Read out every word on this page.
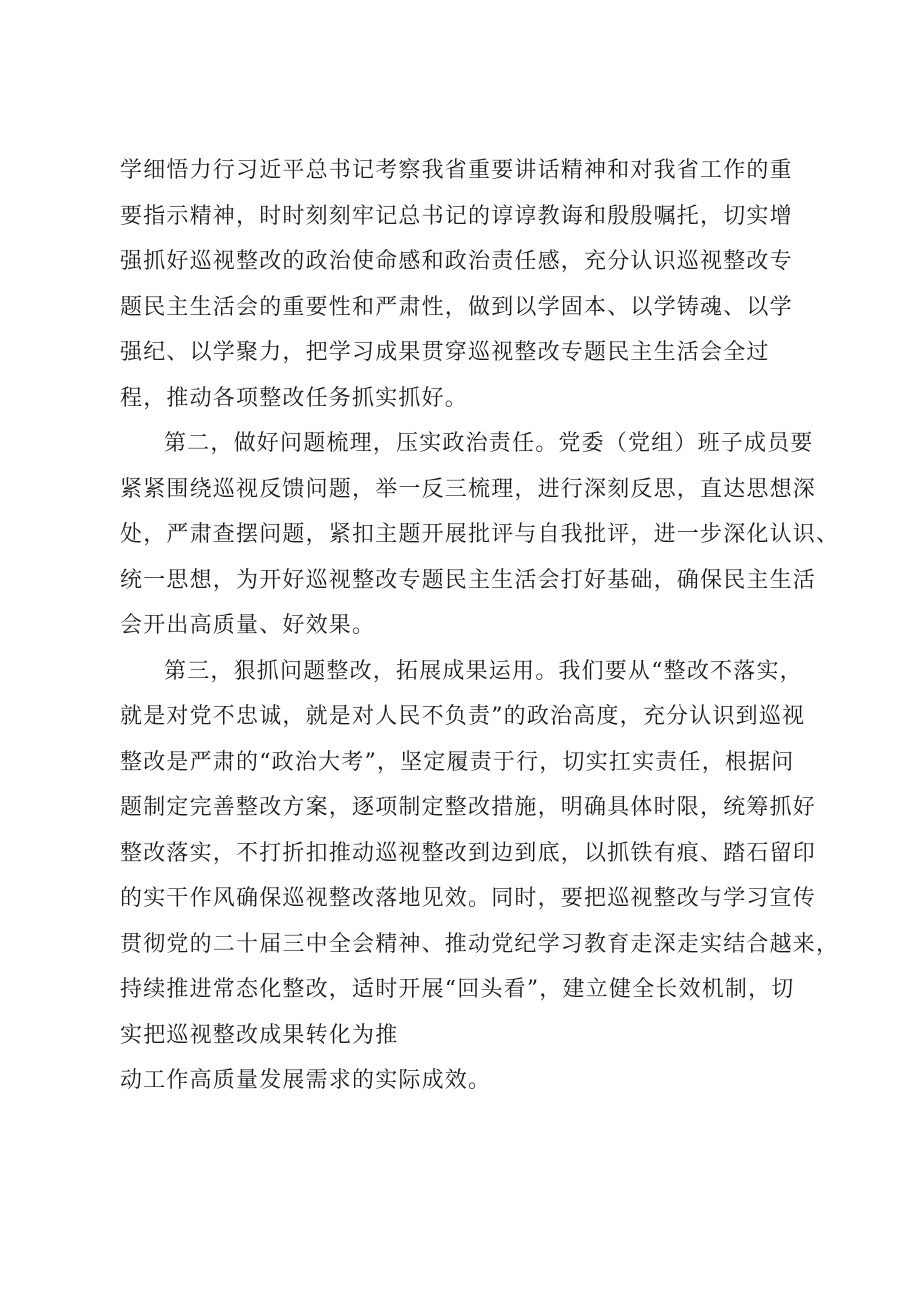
学细悟力行习近平总书记考察我省重要讲话精神和对我省工作的重
要指示精神，时时刻刻牢记总书记的谆谆教诲和殷殷嘱托，切实增
强抓好巡视整改的政治使命感和政治责任感，充分认识巡视整改专
题民主生活会的重要性和严肃性，做到以学固本、以学铸魂、以学
强纪、以学聚力，把学习成果贯穿巡视整改专题民主生活会全过
程，推动各项整改任务抓实抓好。
第二，做好问题梳理，压实政治责任。党委（党组）班子成员要
紧紧围绕巡视反馈问题，举一反三梳理，进行深刻反思，直达思想深
处，严肃查摆问题，紧扣主题开展批评与自我批评，进一步深化认识、
统一思想，为开好巡视整改专题民主生活会打好基础，确保民主生活
会开出高质量、好效果。
第三，狠抓问题整改，拓展成果运用。我们要从“整改不落实，
就是对党不忠诚，就是对人民不负责”的政治高度，充分认识到巡视
整改是严肃的“政治大考”，坚定履责于行，切实扛实责任，根据问
题制定完善整改方案，逐项制定整改措施，明确具体时限，统筹抓好
整改落实，不打折扣推动巡视整改到边到底，以抓铁有痕、踏石留印
的实干作风确保巡视整改落地见效。同时，要把巡视整改与学习宣传
贯彻党的二十届三中全会精神、推动党纪学习教育走深走实结合越来，
持续推进常态化整改，适时开展“回头看”，建立健全长效机制，切
实把巡视整改成果转化为推
动工作高质量发展需求的实际成效。
